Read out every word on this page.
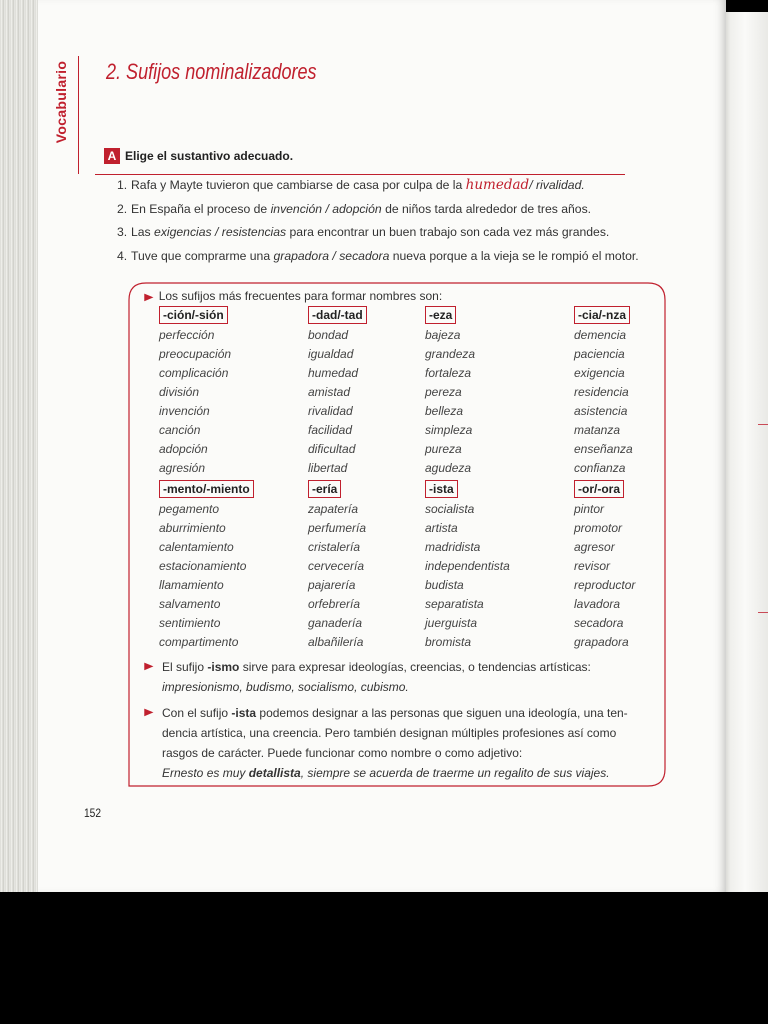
Vocabulario 2. Sufijos nominalizadores
A Elige el sustantivo adecuado.
1. Rafa y Mayte tuvieron que cambiarse de casa por culpa de la humedad/ rivalidad.
2. En España el proceso de invención / adopción de niños tarda alrededor de tres años.
3. Las exigencias / resistencias para encontrar un buen trabajo son cada vez más grandes.
4. Tuve que comprarme una grapadora / secadora nueva porque a la vieja se le rompió el motor.
▶ Los sufijos más frecuentes para formar nombres son:
-ción/-sión
perfección
preocupación
complicación
división
invención
canción
adopción
agresión
-dad/-tad
bondad
igualdad
humedad
amistad
rivalidad
facilidad
dificultad
libertad
-eza
bajeza
grandeza
fortaleza
pereza
belleza
simpleza
pureza
agudeza
-cia/-nza
demencia
paciencia
exigencia
residencia
asistencia
matanza
enseñanza
confianza
-mento/-miento
pegamento
aburrimiento
calentamiento
estacionamiento
llamamiento
salvamento
sentimiento
compartimento
-ería
zapatería
perfumería
cristalería
cervecería
pajarería
orfebrería
ganadería
albañilería
-ista
socialista
artista
madridista
independentista
budista
separatista
juerguista
bromista
-or/-ora
pintor
promotor
agresor
revisor
reproductor
lavadora
secadora
grapadora
▶ El sufijo -ismo sirve para expresar ideologías, creencias, o tendencias artísticas:
impresionismo, budismo, socialismo, cubismo.
▶ Con el sufijo -ista podemos designar a las personas que siguen una ideología, una ten-
dencia artística, una creencia. Pero también designan múltiples profesiones así como
rasgos de carácter. Puede funcionar como nombre o como adjetivo:
Ernesto es muy detallista, siempre se acuerda de traerme un regalito de sus viajes.
152
